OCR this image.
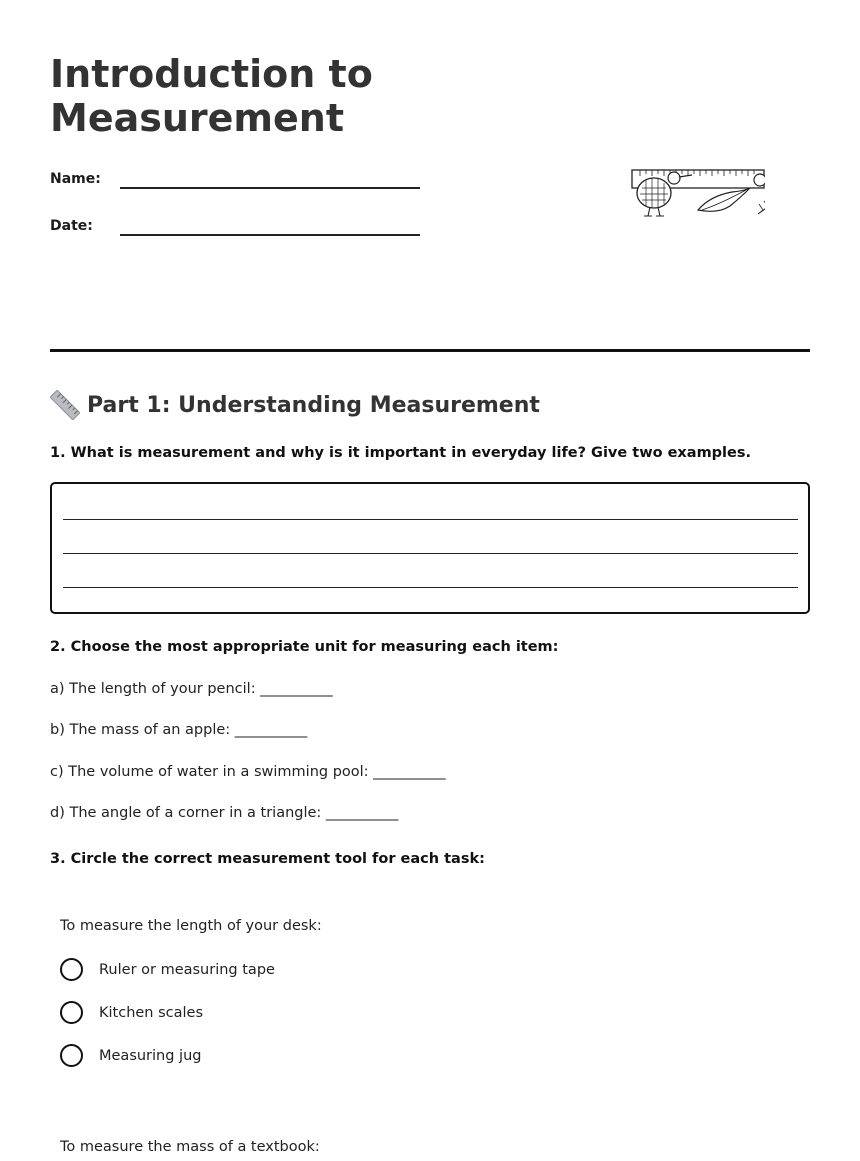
Introduction to Measurement
Name:
Date:
Part 1: Understanding Measurement
1. What is measurement and why is it important in everyday life? Give two examples.
2. Choose the most appropriate unit for measuring each item:
a) The length of your pencil: __________
b) The mass of an apple: __________
c) The volume of water in a swimming pool: __________
d) The angle of a corner in a triangle: __________
3. Circle the correct measurement tool for each task:
To measure the length of your desk:
Ruler or measuring tape
Kitchen scales
Measuring jug
To measure the mass of a textbook:
